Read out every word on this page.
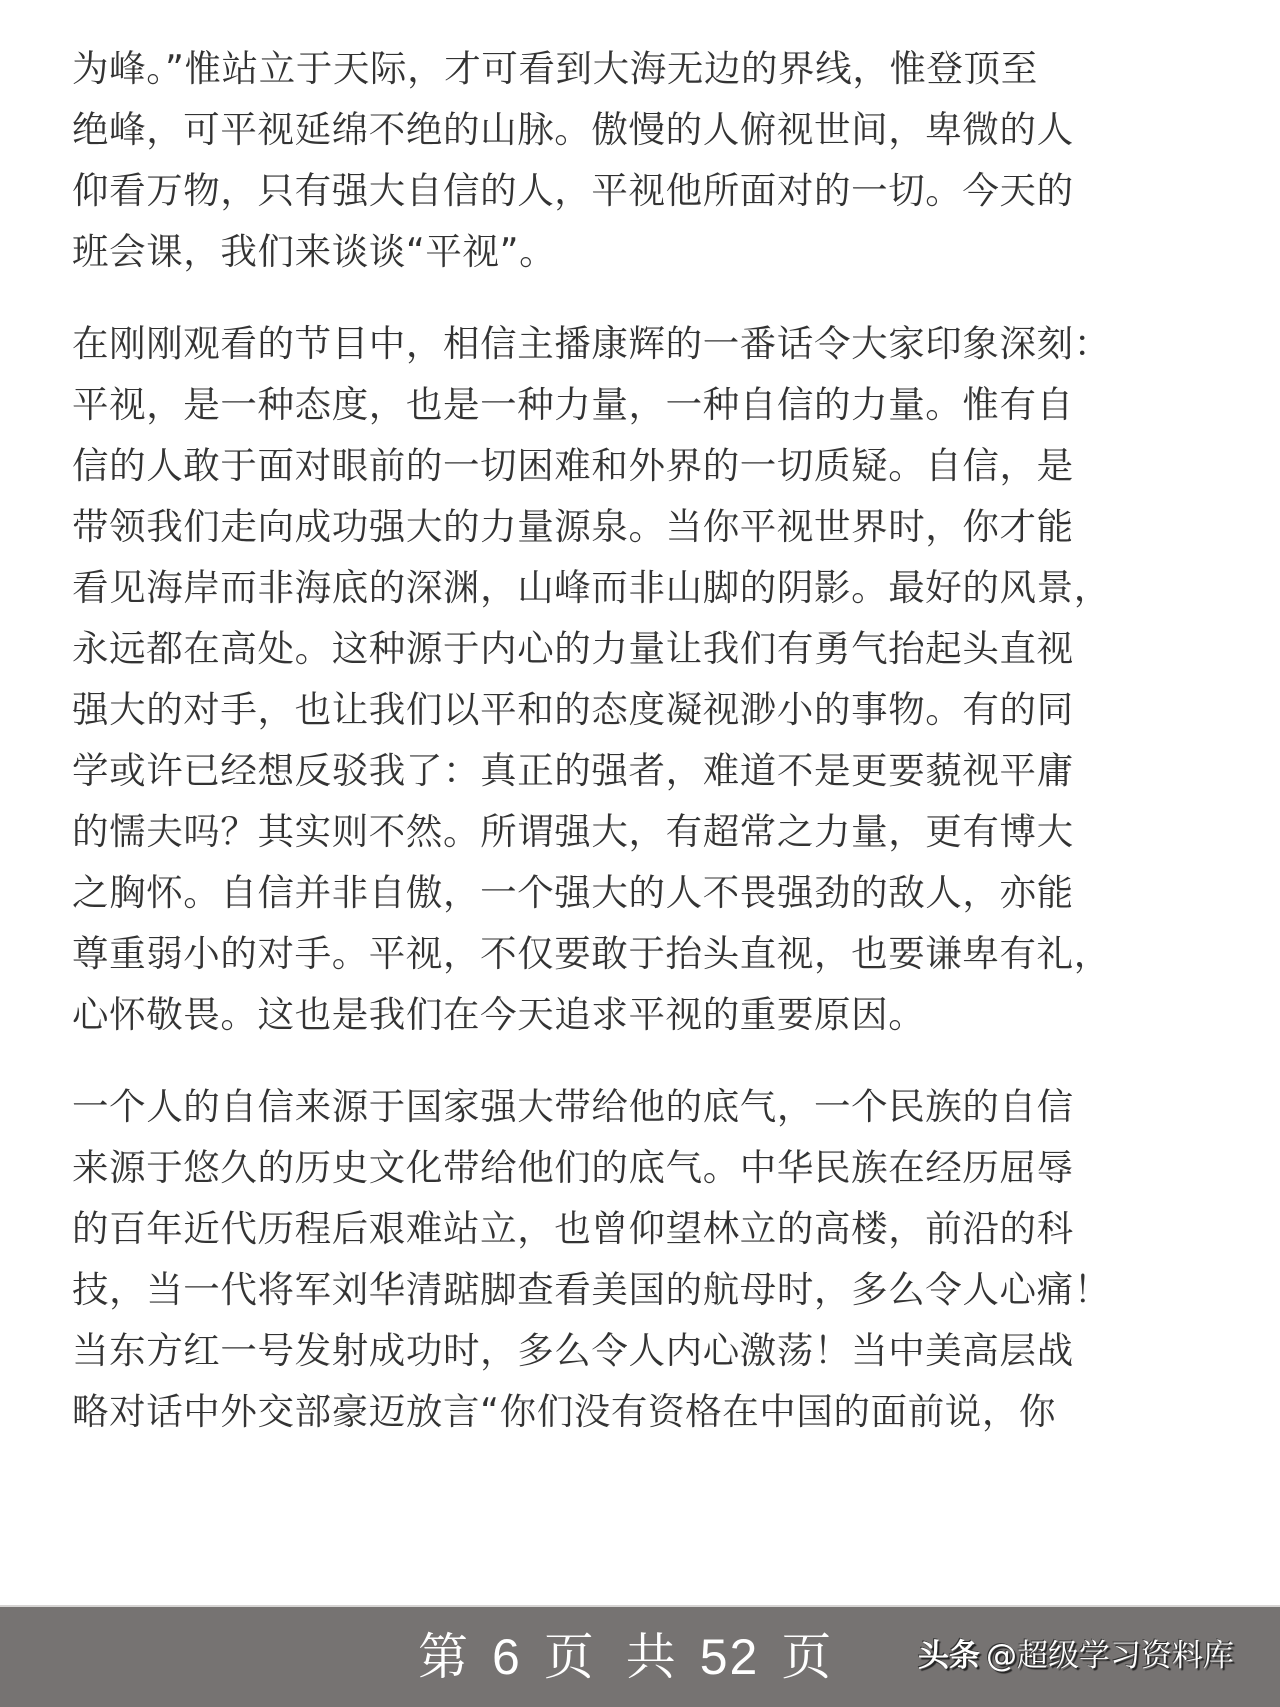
为峰。”惟站立于天际，才可看到大海无边的界线，惟登顶至
绝峰，可平视延绵不绝的山脉。傲慢的人俯视世间，卑微的人
仰看万物，只有强大自信的人，平视他所面对的一切。今天的
班会课，我们来谈谈“平视”。
在刚刚观看的节目中，相信主播康辉的一番话令大家印象深刻：
平视，是一种态度，也是一种力量，一种自信的力量。惟有自
信的人敢于面对眼前的一切困难和外界的一切质疑。自信，是
带领我们走向成功强大的力量源泉。当你平视世界时，你才能
看见海岸而非海底的深渊，山峰而非山脚的阴影。最好的风景，
永远都在高处。这种源于内心的力量让我们有勇气抬起头直视
强大的对手，也让我们以平和的态度凝视渺小的事物。有的同
学或许已经想反驳我了：真正的强者，难道不是更要藐视平庸
的懦夫吗？其实则不然。所谓强大，有超常之力量，更有博大
之胸怀。自信并非自傲，一个强大的人不畏强劲的敌人，亦能
尊重弱小的对手。平视，不仅要敢于抬头直视，也要谦卑有礼，
心怀敬畏。这也是我们在今天追求平视的重要原因。
一个人的自信来源于国家强大带给他的底气，一个民族的自信
来源于悠久的历史文化带给他们的底气。中华民族在经历屈辱
的百年近代历程后艰难站立，也曾仰望林立的高楼，前沿的科
技，当一代将军刘华清踮脚查看美国的航母时，多么令人心痛！
当东方红一号发射成功时，多么令人内心激荡！当中美高层战
略对话中外交部豪迈放言“你们没有资格在中国的面前说，你
第 6 页 共 52 页	头条 @超级学习资料库
